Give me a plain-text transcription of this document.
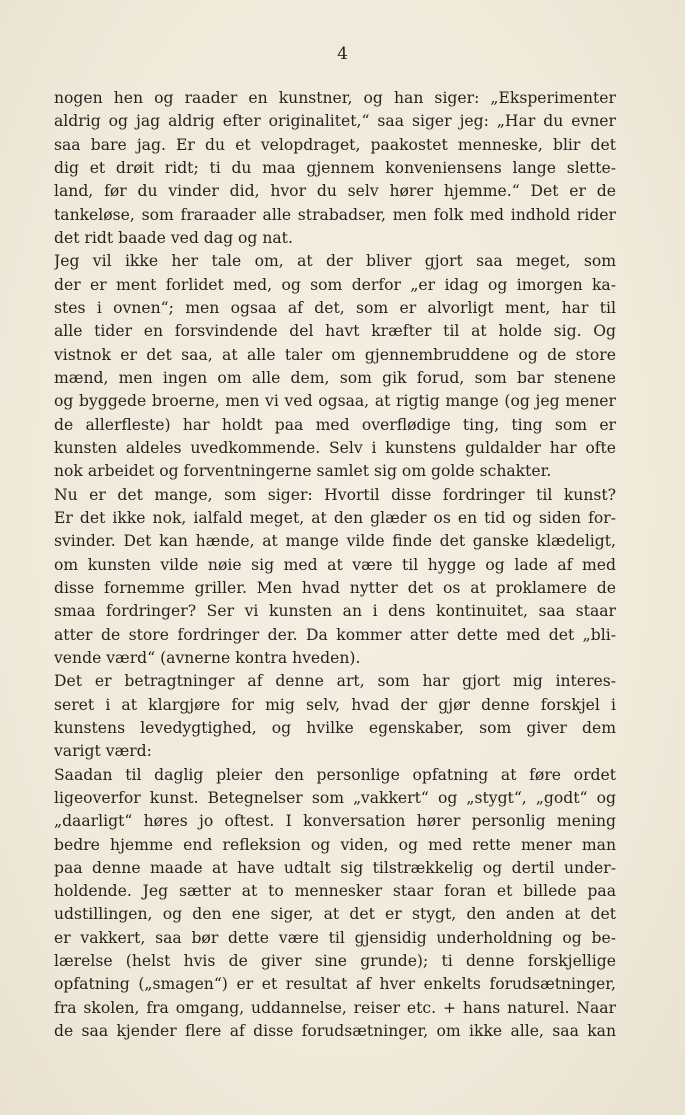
4
nogen hen og raader en kunstner, og han siger: „Eksperimenter
aldrig og jag aldrig efter originalitet,“ saa siger jeg: „Har du evner
saa bare jag. Er du et velopdraget, paakostet menneske, blir det
dig et drøit ridt; ti du maa gjennem konveniensens lange slette-
land, før du vinder did, hvor du selv hører hjemme.“ Det er de
tankeløse, som fraraader alle strabadser, men folk med indhold rider
det ridt baade ved dag og nat.
Jeg vil ikke her tale om, at der bliver gjort saa meget, som
der er ment forlidet med, og som derfor „er idag og imorgen ka-
stes i ovnen“; men ogsaa af det, som er alvorligt ment, har til
alle tider en forsvindende del havt kræfter til at holde sig. Og
vistnok er det saa, at alle taler om gjennembruddene og de store
mænd, men ingen om alle dem, som gik forud, som bar stenene
og byggede broerne, men vi ved ogsaa, at rigtig mange (og jeg mener
de allerfleste) har holdt paa med overflødige ting, ting som er
kunsten aldeles uvedkommende. Selv i kunstens guldalder har ofte
nok arbeidet og forventningerne samlet sig om golde schakter.
Nu er det mange, som siger: Hvortil disse fordringer til kunst?
Er det ikke nok, ialfald meget, at den glæder os en tid og siden for-
svinder. Det kan hænde, at mange vilde finde det ganske klædeligt,
om kunsten vilde nøie sig med at være til hygge og lade af med
disse fornemme griller. Men hvad nytter det os at proklamere de
smaa fordringer? Ser vi kunsten an i dens kontinuitet, saa staar
atter de store fordringer der. Da kommer atter dette med det „bli-
vende værd“ (avnerne kontra hveden).
Det er betragtninger af denne art, som har gjort mig interes-
seret i at klargjøre for mig selv, hvad der gjør denne forskjel i
kunstens levedygtighed, og hvilke egenskaber, som giver dem
varigt værd:
Saadan til daglig pleier den personlige opfatning at føre ordet
ligeoverfor kunst. Betegnelser som „vakkert“ og „stygt“, „godt“ og
„daarligt“ høres jo oftest. I konversation hører personlig mening
bedre hjemme end refleksion og viden, og med rette mener man
paa denne maade at have udtalt sig tilstrækkelig og dertil under-
holdende. Jeg sætter at to mennesker staar foran et billede paa
udstillingen, og den ene siger, at det er stygt, den anden at det
er vakkert, saa bør dette være til gjensidig underholdning og be-
lærelse (helst hvis de giver sine grunde); ti denne forskjellige
opfatning („smagen“) er et resultat af hver enkelts forudsætninger,
fra skolen, fra omgang, uddannelse, reiser etc. + hans naturel. Naar
de saa kjender flere af disse forudsætninger, om ikke alle, saa kan
